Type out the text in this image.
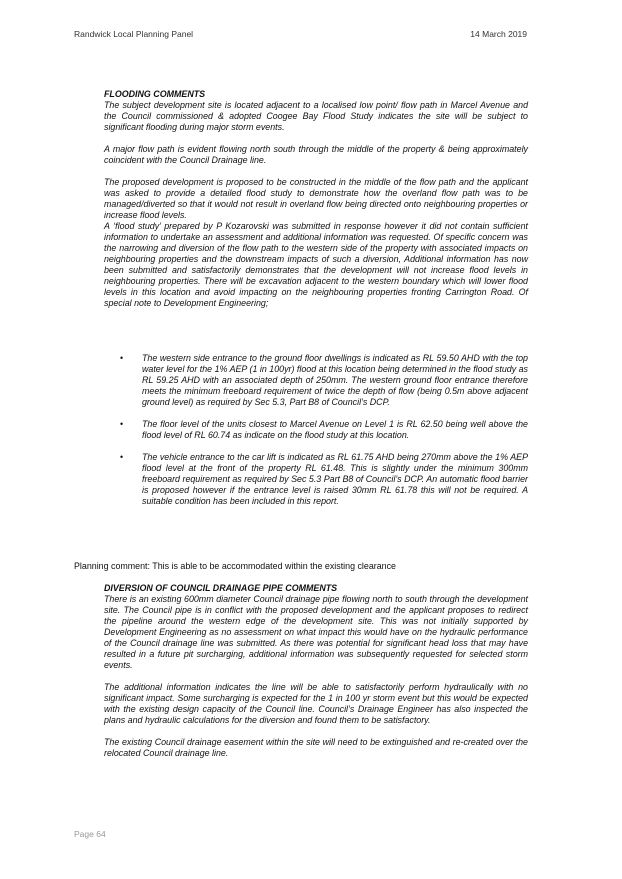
Randwick Local Planning Panel	14 March 2019

FLOODING COMMENTS

The subject development site is located adjacent to a localised low point/ flow path in Marcel Avenue and the Council commissioned & adopted Coogee Bay Flood Study indicates the site will be subject to significant flooding during major storm events.

A major flow path is evident flowing north south through the middle of the property & being approximately coincident with the Council Drainage line.

The proposed development is proposed to be constructed in the middle of the flow path and the applicant was asked to provide a detailed flood study to demonstrate how the overland flow path was to be managed/diverted so that it would not result in overland flow being directed onto neighbouring properties or increase flood levels.

A ‘flood study’ prepared by P Kozarovski was submitted in response however it did not contain sufficient information to undertake an assessment and additional information was requested. Of specific concern was the narrowing and diversion of the flow path to the western side of the property with associated impacts on neighbouring properties and the downstream impacts of such a diversion, Additional information has now been submitted and satisfactorily demonstrates that the development will not increase flood levels in neighbouring properties. There will be excavation adjacent to the western boundary which will lower flood levels in this location and avoid impacting on the neighbouring properties fronting Carrington Road. Of special note to Development Engineering;

• The western side entrance to the ground floor dwellings is indicated as RL 59.50 AHD with the top water level for the 1% AEP (1 in 100yr) flood at this location being determined in the flood study as RL 59.25 AHD with an associated depth of 250mm. The western ground floor entrance therefore meets the minimum freeboard requirement of twice the depth of flow (being 0.5m above adjacent ground level) as required by Sec 5.3, Part B8 of Council’s DCP.
• The floor level of the units closest to Marcel Avenue on Level 1 is RL 62.50 being well above the flood level of RL 60.74 as indicate on the flood study at this location.
• The vehicle entrance to the car lift is indicated as RL 61.75 AHD being 270mm above the 1% AEP flood level at the front of the property RL 61.48. This is slightly under the minimum 300mm freeboard requirement as required by Sec 5.3 Part B8 of Council’s DCP. An automatic flood barrier is proposed however if the entrance level is raised 30mm RL 61.78 this will not be required. A suitable condition has been included in this report.
Planning comment: This is able to be accommodated within the existing clearance

DIVERSION OF COUNCIL DRAINAGE PIPE COMMENTS

There is an existing 600mm diameter Council drainage pipe flowing north to south through the development site. The Council pipe is in conflict with the proposed development and the applicant proposes to redirect the pipeline around the western edge of the development site. This was not initially supported by Development Engineering as no assessment on what impact this would have on the hydraulic performance of the Council drainage line was submitted. As there was potential for significant head loss that may have resulted in a future pit surcharging, additional information was subsequently requested for selected storm events.

The additional information indicates the line will be able to satisfactorily perform hydraulically with no significant impact. Some surcharging is expected for the 1 in 100 yr storm event but this would be expected with the existing design capacity of the Council line. Council’s Drainage Engineer has also inspected the plans and hydraulic calculations for the diversion and found them to be satisfactory.

The existing Council drainage easement within the site will need to be extinguished and re-created over the relocated Council drainage line.

Page 64
